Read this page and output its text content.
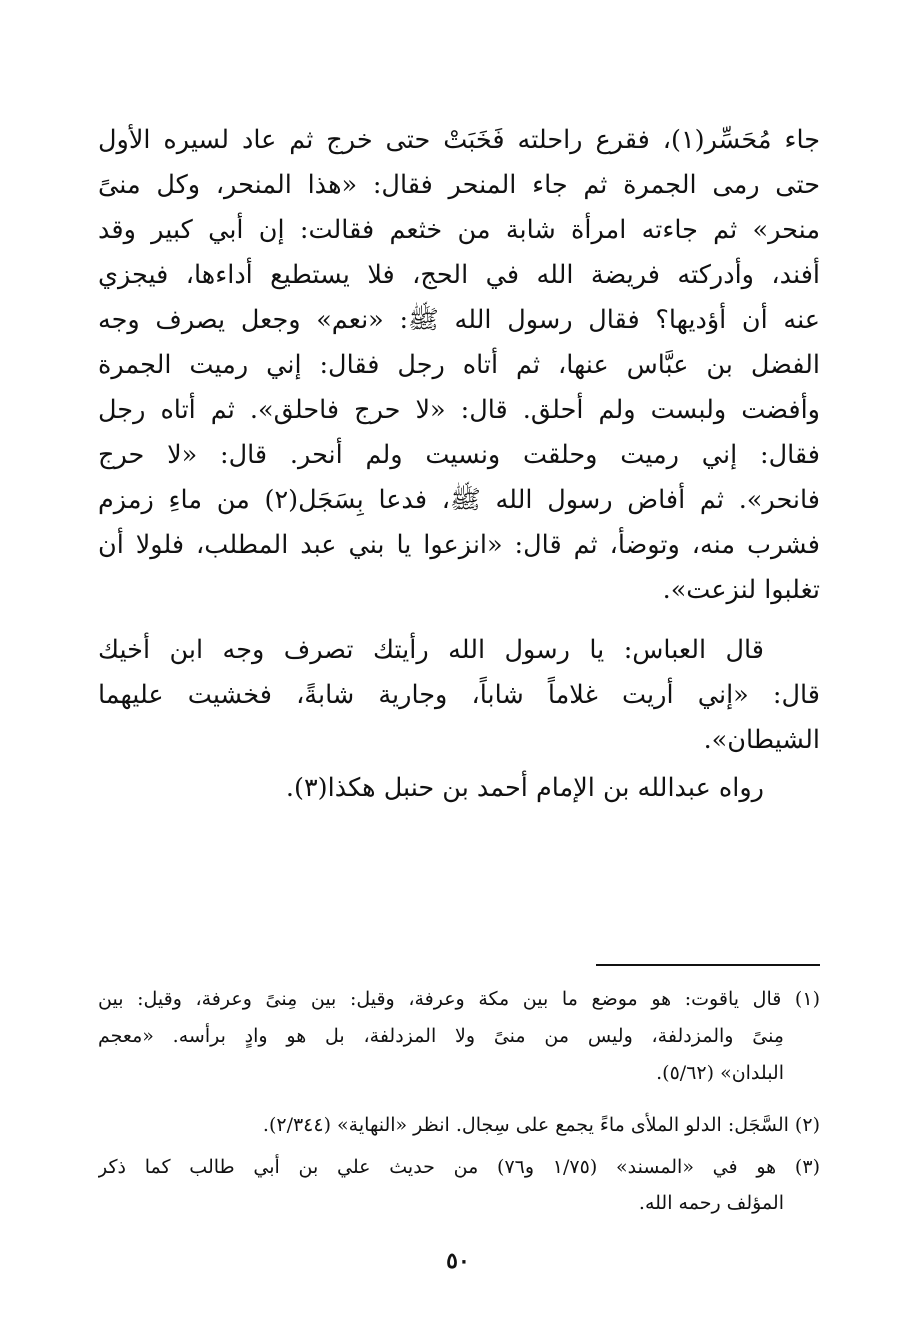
جاء مُحَسِّر(١)، فقرع راحلته فَخَبَتْ حتى خرج ثم عاد لسيره الأول
حتى رمى الجمرة ثم جاء المنحر فقال: «هذا المنحر، وكل منىً
منحر» ثم جاءته امرأة شابة من خثعم فقالت: إن أبي كبير وقد
أفند، وأدركته فريضة الله في الحج، فلا يستطيع أداءها، فيجزي
عنه أن أؤديها؟ فقال رسول الله ﷺ: «نعم» وجعل يصرف وجه
الفضل بن عبَّاس عنها، ثم أتاه رجل فقال: إني رميت الجمرة
وأفضت ولبست ولم أحلق. قال: «لا حرج فاحلق». ثم أتاه رجل
فقال: إني رميت وحلقت ونسيت ولم أنحر. قال: «لا حرج
فانحر». ثم أفاض رسول الله ﷺ، فدعا بِسَجَل(٢) من ماءِ زمزم
فشرب منه، وتوضأ، ثم قال: «انزعوا يا بني عبد المطلب، فلولا أن
تغلبوا لنزعت».
قال العباس: يا رسول الله رأيتك تصرف وجه ابن أخيك
قال: «إني أريت غلاماً شاباً، وجارية شابةً، فخشيت عليهما
الشيطان».
رواه عبدالله بن الإمام أحمد بن حنبل هكذا(٣).
(١) قال ياقوت: هو موضع ما بين مكة وعرفة، وقيل: بين مِنىً وعرفة، وقيل: بين
مِنىً والمزدلفة، وليس من منىً ولا المزدلفة، بل هو وادٍ برأسه. «معجم
البلدان» (٥/٦٢).
(٢) السَّجَل: الدلو الملأى ماءً يجمع على سِجال. انظر «النهاية» (٢/٣٤٤).
(٣) هو في «المسند» (١/٧٥ و٧٦) من حديث علي بن أبي طالب كما ذكر
المؤلف رحمه الله.
٥٠
